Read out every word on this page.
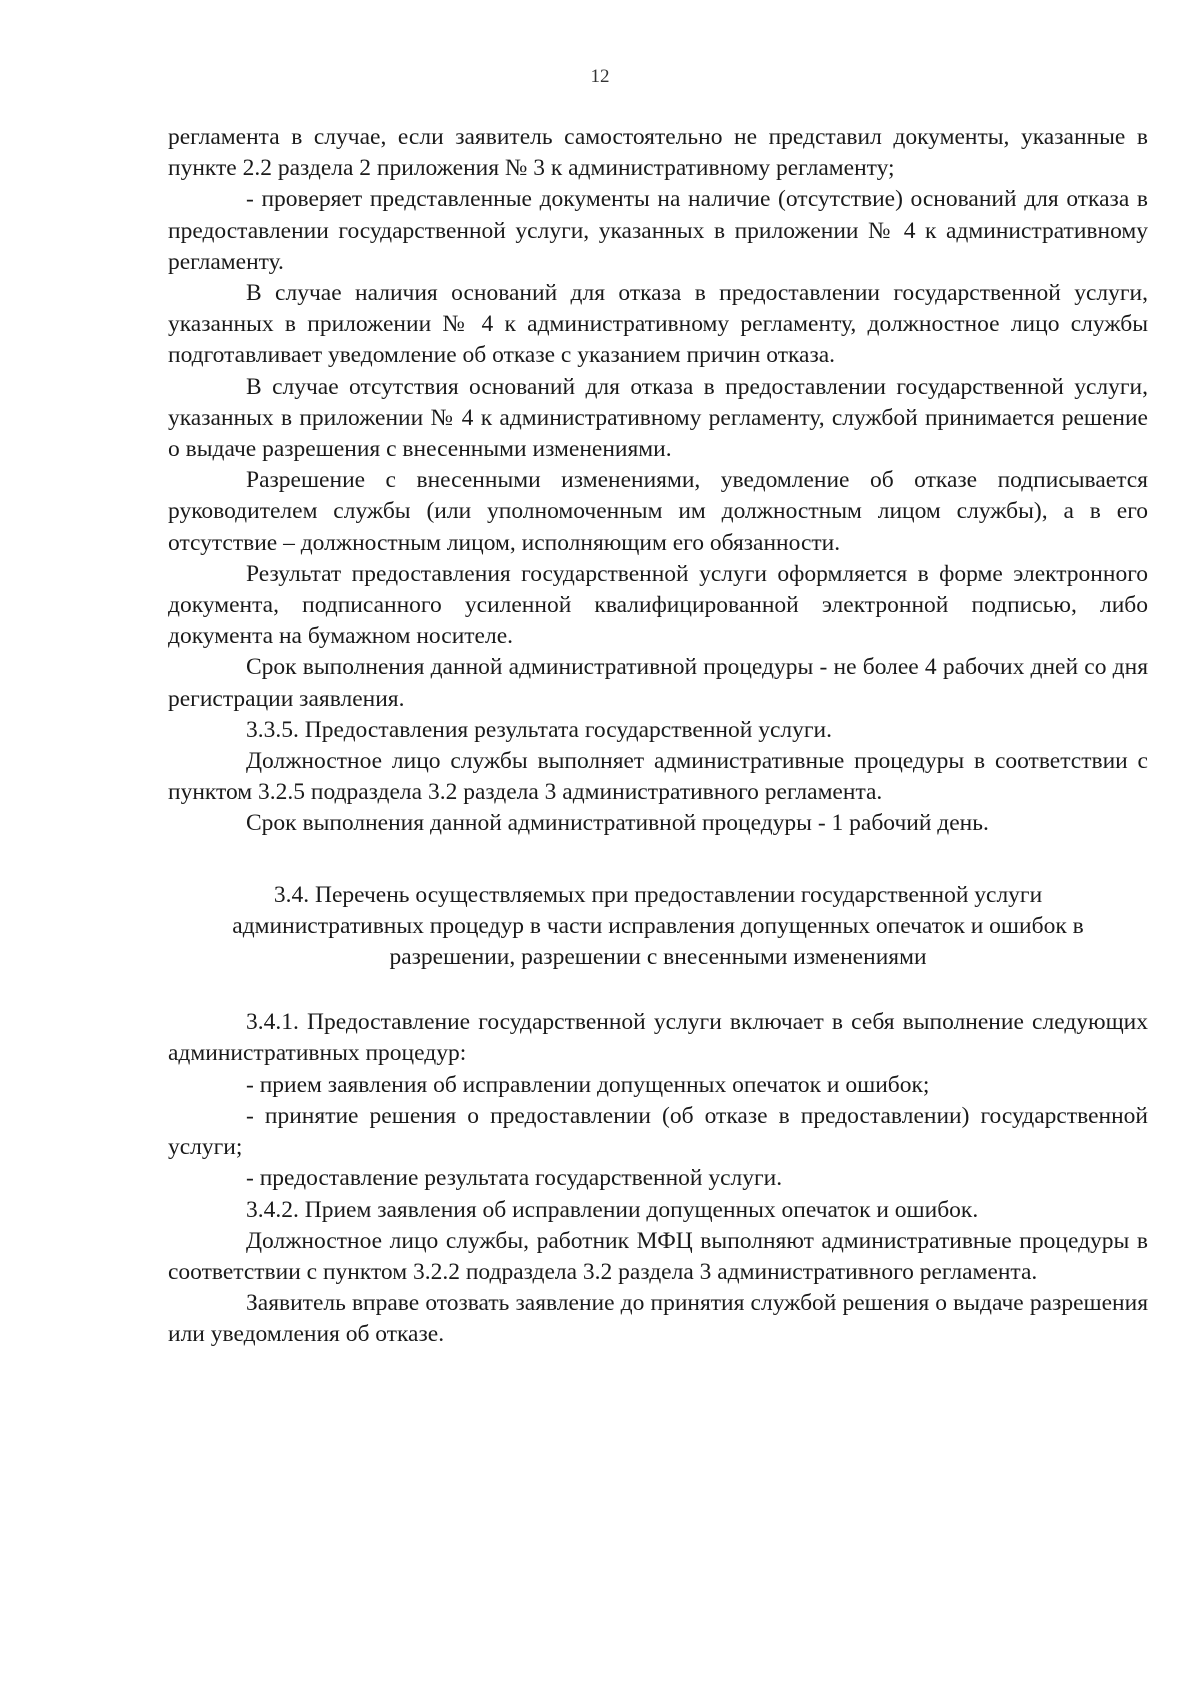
12

регламента в случае, если заявитель самостоятельно не представил документы, указанные в пункте 2.2 раздела 2 приложения № 3 к административному регламенту;

- проверяет представленные документы на наличие (отсутствие) оснований для отказа в предоставлении государственной услуги, указанных в приложении № 4 к административному регламенту.

В случае наличия оснований для отказа в предоставлении государственной услуги, указанных в приложении № 4 к административному регламенту, должностное лицо службы подготавливает уведомление об отказе с указанием причин отказа.

В случае отсутствия оснований для отказа в предоставлении государственной услуги, указанных в приложении № 4 к административному регламенту, службой принимается решение о выдаче разрешения с внесенными изменениями.

Разрешение с внесенными изменениями, уведомление об отказе подписывается руководителем службы (или уполномоченным им должностным лицом службы), а в его отсутствие – должностным лицом, исполняющим его обязанности.

Результат предоставления государственной услуги оформляется в форме электронного документа, подписанного усиленной квалифицированной электронной подписью, либо документа на бумажном носителе.

Срок выполнения данной административной процедуры - не более 4 рабочих дней со дня регистрации заявления.

3.3.5. Предоставления результата государственной услуги.

Должностное лицо службы выполняет административные процедуры в соответствии с пунктом 3.2.5 подраздела 3.2 раздела 3 административного регламента.

Срок выполнения данной административной процедуры - 1 рабочий день.

3.4. Перечень осуществляемых при предоставлении государственной услуги административных процедур в части исправления допущенных опечаток и ошибок в разрешении, разрешении с внесенными изменениями

3.4.1. Предоставление государственной услуги включает в себя выполнение следующих административных процедур:

- прием заявления об исправлении допущенных опечаток и ошибок;

- принятие решения о предоставлении (об отказе в предоставлении) государственной услуги;

- предоставление результата государственной услуги.

3.4.2. Прием заявления об исправлении допущенных опечаток и ошибок.

Должностное лицо службы, работник МФЦ выполняют административные процедуры в соответствии с пунктом 3.2.2 подраздела 3.2 раздела 3 административного регламента.

Заявитель вправе отозвать заявление до принятия службой решения о выдаче разрешения или уведомления об отказе.
